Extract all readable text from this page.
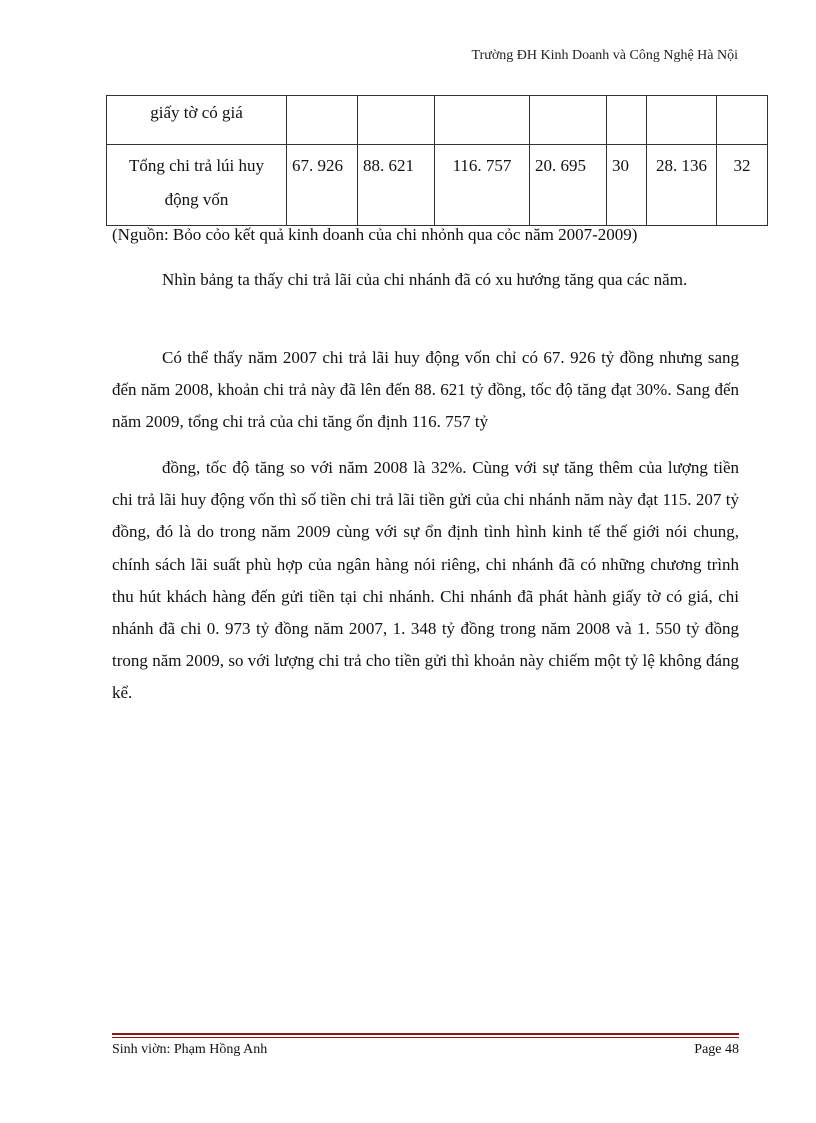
Trường ĐH Kinh Doanh và Công Nghệ Hà Nội
giấy tờ có giá							
Tổng chi trả lúi huy động vốn	67. 926	88. 621	116. 757	20. 695	30	28. 136	32
(Nguồn: Bỏo cỏo kết quả kinh doanh của chi nhỏnh qua cỏc năm 2007-2009)

Nhìn bảng ta thấy chi trả lãi của chi nhánh đã có xu hướng tăng qua các năm.

Có thể thấy năm 2007 chi trả lãi huy động vốn chỉ có 67. 926 tỷ đồng nhưng sang đến năm 2008, khoản chi trả này đã lên đến 88. 621 tỷ đồng, tốc độ tăng đạt 30%. Sang đến năm 2009, tổng chi trả của chi tăng ổn định 116. 757 tỷ

đồng, tốc độ tăng so với năm 2008 là 32%. Cùng với sự tăng thêm của lượng tiền chi trả lãi huy động vốn thì số tiền chi trả lãi tiền gửi của chi nhánh năm này đạt 115. 207 tỷ đồng, đó là do trong năm 2009 cùng với sự ổn định tình hình kinh tế thế giới nói chung, chính sách lãi suất phù hợp của ngân hàng nói riêng, chi nhánh đã có những chương trình thu hút khách hàng đến gửi tiền tại chi nhánh. Chi nhánh đã phát hành giấy tờ có giá, chi nhánh đã chi 0. 973 tỷ đồng năm 2007, 1. 348 tỷ đồng trong năm 2008 và 1. 550 tỷ đồng trong năm 2009, so với lượng chi trả cho tiền gửi thì khoản này chiếm một tỷ lệ không đáng kể.

Sinh viờn: Phạm Hồng Anh	Page 48
